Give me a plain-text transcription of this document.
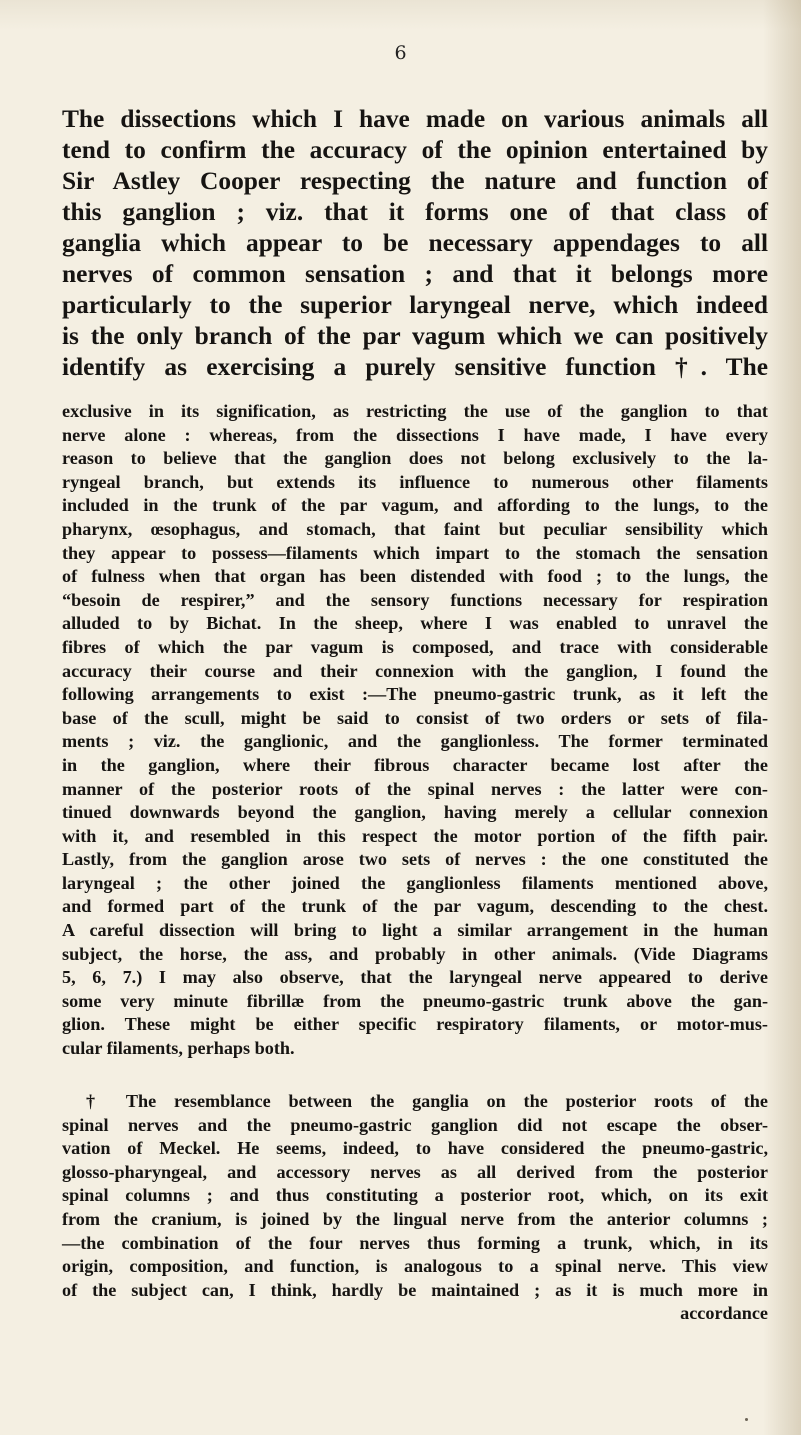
6
The dissections which I have made on various animals all
tend to confirm the accuracy of the opinion entertained by
Sir Astley Cooper respecting the nature and function of
this ganglion ; viz. that it forms one of that class of
ganglia which appear to be necessary appendages to all
nerves of common sensation ; and that it belongs more
particularly to the superior laryngeal nerve, which indeed
is the only branch of the par vagum which we can positively
identify as exercising a purely sensitive function †. The
exclusive in its signification, as restricting the use of the ganglion to that
nerve alone : whereas, from the dissections I have made, I have every
reason to believe that the ganglion does not belong exclusively to the la-
ryngeal branch, but extends its influence to numerous other filaments
included in the trunk of the par vagum, and affording to the lungs, to the
pharynx, œsophagus, and stomach, that faint but peculiar sensibility which
they appear to possess—filaments which impart to the stomach the sensation
of fulness when that organ has been distended with food ; to the lungs, the
“besoin de respirer,” and the sensory functions necessary for respiration
alluded to by Bichat. In the sheep, where I was enabled to unravel the
fibres of which the par vagum is composed, and trace with considerable
accuracy their course and their connexion with the ganglion, I found the
following arrangements to exist :—The pneumo-gastric trunk, as it left the
base of the scull, might be said to consist of two orders or sets of fila-
ments ; viz. the ganglionic, and the ganglionless. The former terminated
in the ganglion, where their fibrous character became lost after the
manner of the posterior roots of the spinal nerves : the latter were con-
tinued downwards beyond the ganglion, having merely a cellular connexion
with it, and resembled in this respect the motor portion of the fifth pair.
Lastly, from the ganglion arose two sets of nerves : the one constituted the
laryngeal ; the other joined the ganglionless filaments mentioned above,
and formed part of the trunk of the par vagum, descending to the chest.
A careful dissection will bring to light a similar arrangement in the human
subject, the horse, the ass, and probably in other animals. (Vide Diagrams
5, 6, 7.) I may also observe, that the laryngeal nerve appeared to derive
some very minute fibrillæ from the pneumo-gastric trunk above the gan-
glion. These might be either specific respiratory filaments, or motor-mus-
cular filaments, perhaps both.
† The resemblance between the ganglia on the posterior roots of the
spinal nerves and the pneumo-gastric ganglion did not escape the obser-
vation of Meckel. He seems, indeed, to have considered the pneumo-gastric,
glosso-pharyngeal, and accessory nerves as all derived from the posterior
spinal columns ; and thus constituting a posterior root, which, on its exit
from the cranium, is joined by the lingual nerve from the anterior columns ;
—the combination of the four nerves thus forming a trunk, which, in its
origin, composition, and function, is analogous to a spinal nerve. This view
of the subject can, I think, hardly be maintained ; as it is much more in
accordance
